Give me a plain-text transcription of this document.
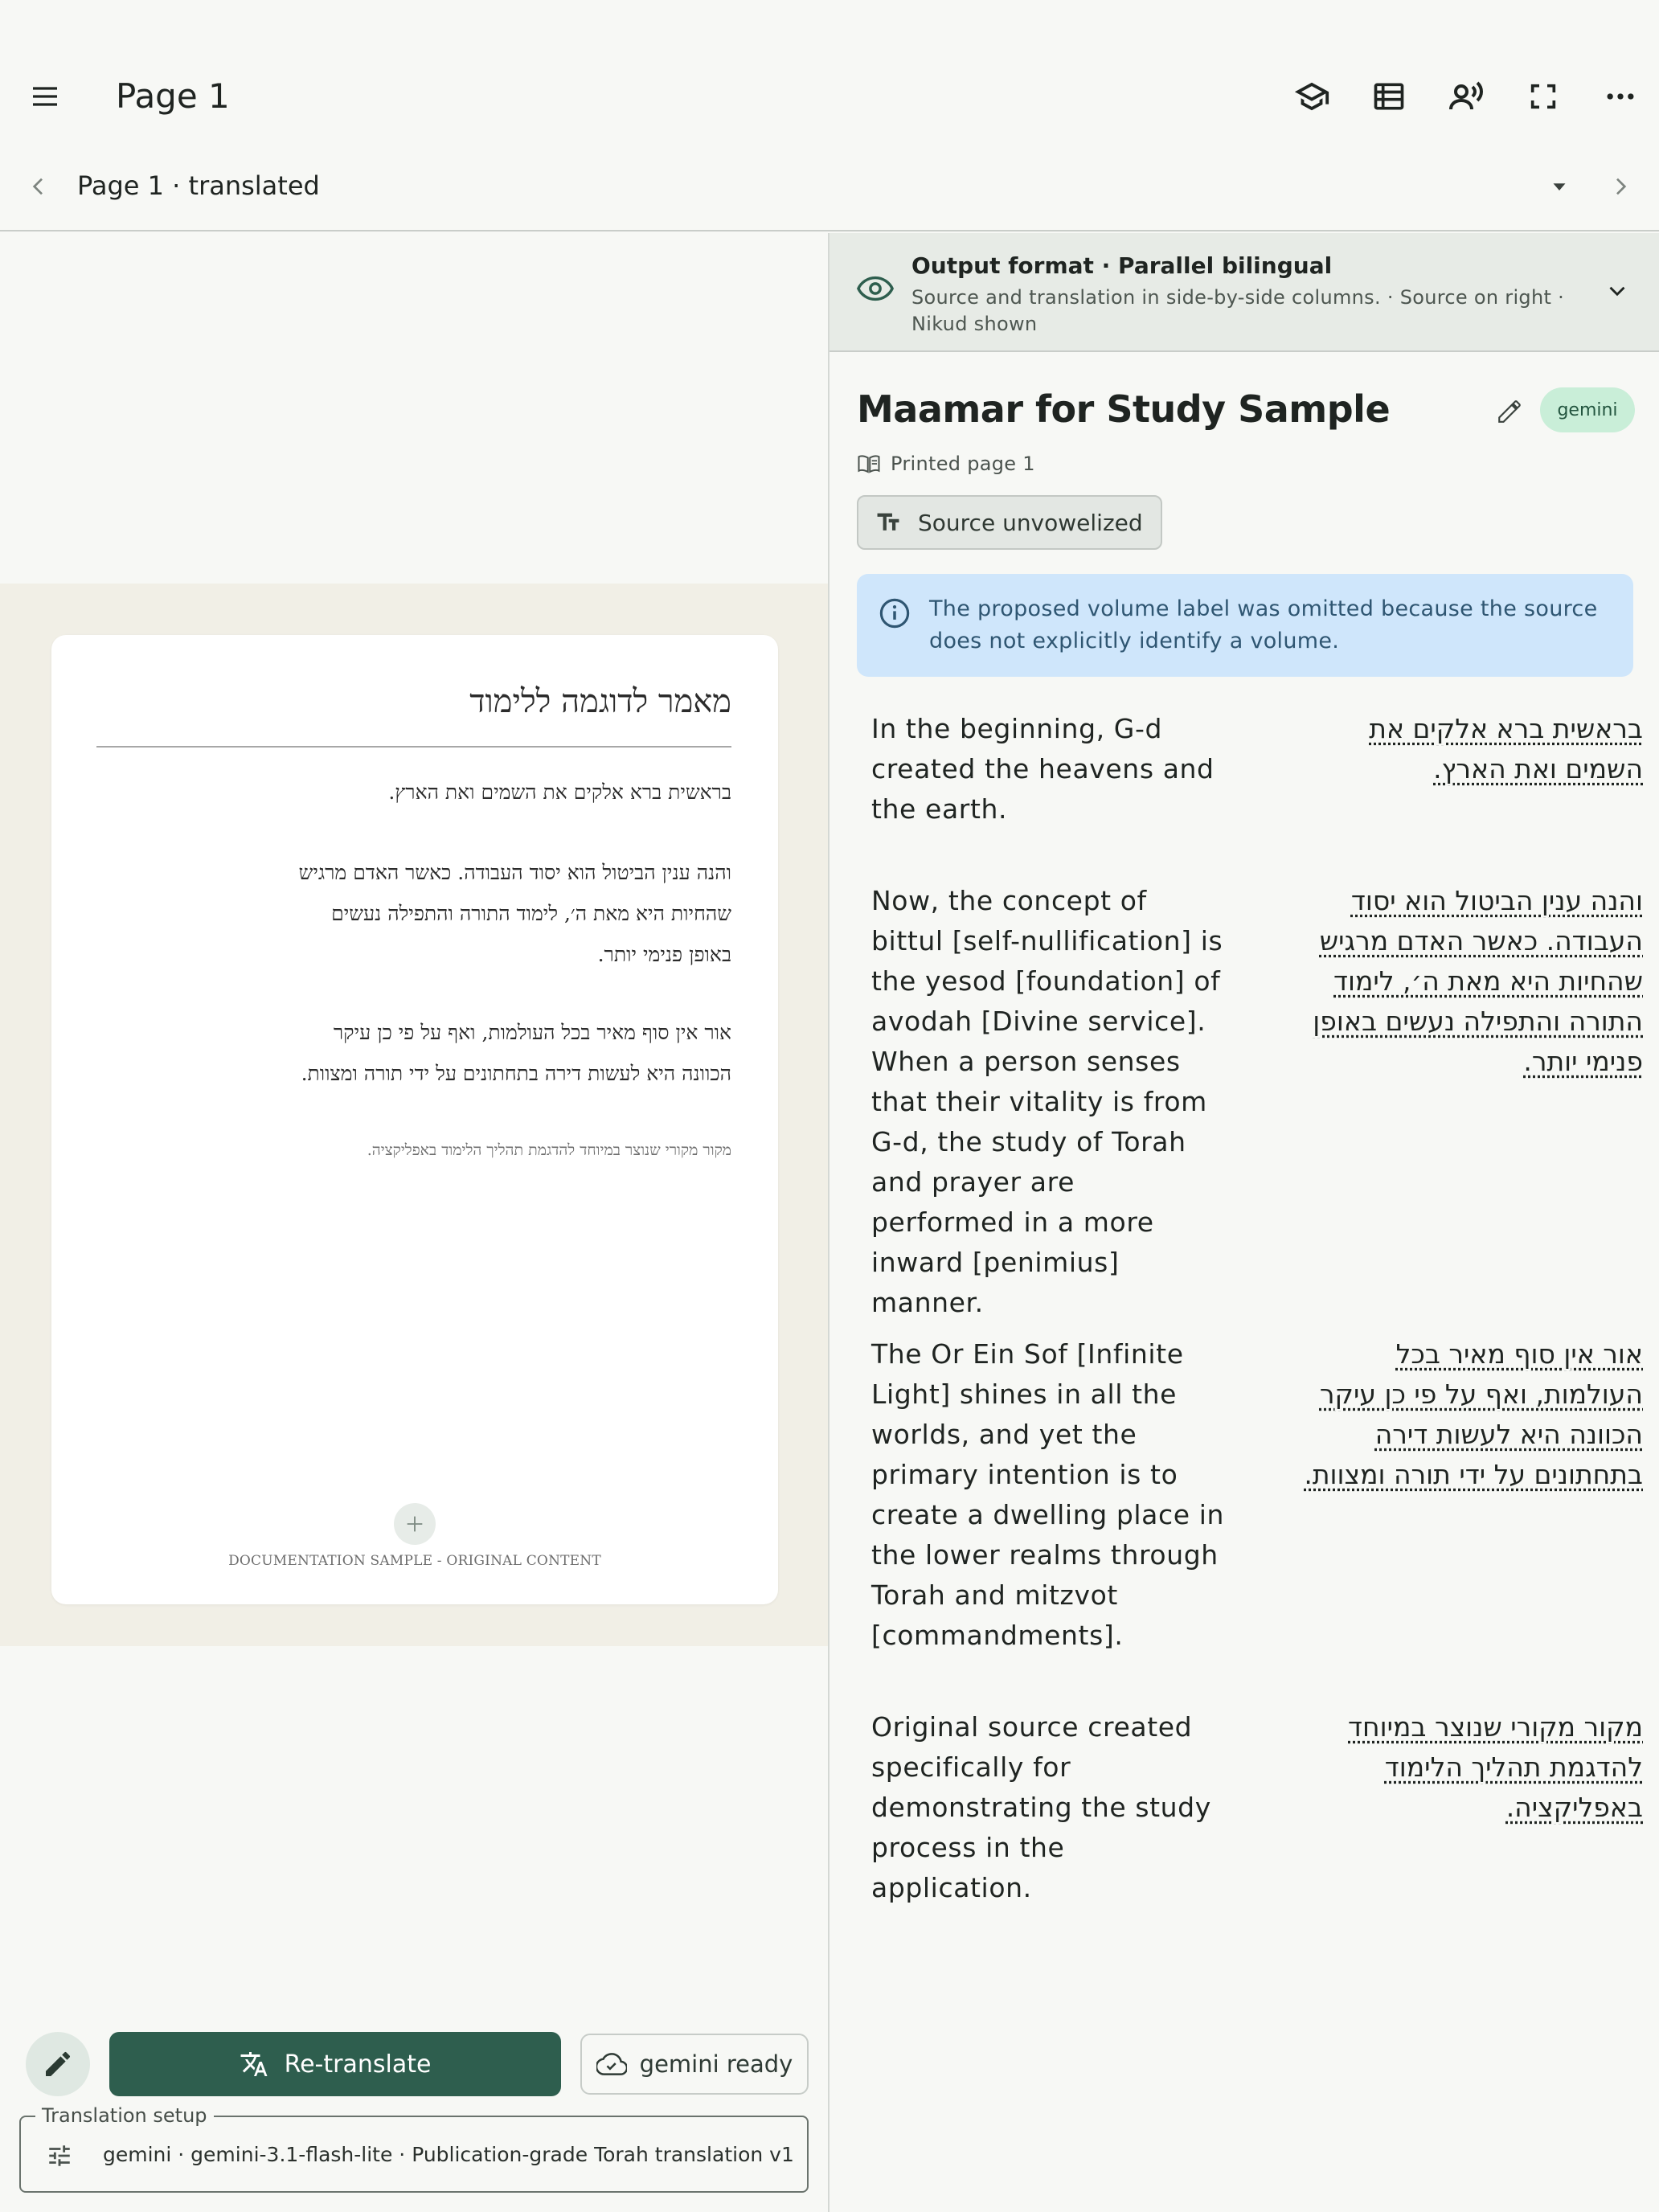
Page 1
Page 1 · translated
מאמר לדוגמה ללימוד
בראשית ברא אלקים את השמים ואת הארץ.
והנה ענין הביטול הוא יסוד העבודה. כאשר האדם מרגיש
שהחיות היא מאת ה׳, לימוד התורה והתפילה נעשים
באופן פנימי יותר.
אור אין סוף מאיר בכל העולמות, ואף על פי כן עיקר
הכוונה היא לעשות דירה בתחתונים על ידי תורה ומצוות.
מקור מקורי שנוצר במיוחד להדגמת תהליך הלימוד באפליקציה.
DOCUMENTATION SAMPLE - ORIGINAL CONTENT
Re-translate	gemini ready
Translation setup
gemini · gemini-3.1-flash-lite · Publication-grade Torah translation v1
Output format · Parallel bilingual
Source and translation in side-by-side columns. · Source on right · Nikud shown
Maamar for Study Sample	gemini
Printed page 1
Source unvowelized
The proposed volume label was omitted because the source does not explicitly identify a volume.
In the beginning, G-d created the heavens and the earth.
בראשית ברא אלקים את השמים ואת הארץ.
Now, the concept of bittul [self-nullification] is the yesod [foundation] of avodah [Divine service]. When a person senses that their vitality is from G-d, the study of Torah and prayer are performed in a more inward [penimius] manner.
והנה ענין הביטול הוא יסוד העבודה. כאשר האדם מרגיש שהחיות היא מאת ה׳, לימוד התורה והתפילה נעשים באופן פנימי יותר.
The Or Ein Sof [Infinite Light] shines in all the worlds, and yet the primary intention is to create a dwelling place in the lower realms through Torah and mitzvot [commandments].
אור אין סוף מאיר בכל העולמות, ואף על פי כן עיקר הכוונה היא לעשות דירה בתחתונים על ידי תורה ומצוות.
Original source created specifically for demonstrating the study process in the application.
מקור מקורי שנוצר במיוחד להדגמת תהליך הלימוד באפליקציה.
